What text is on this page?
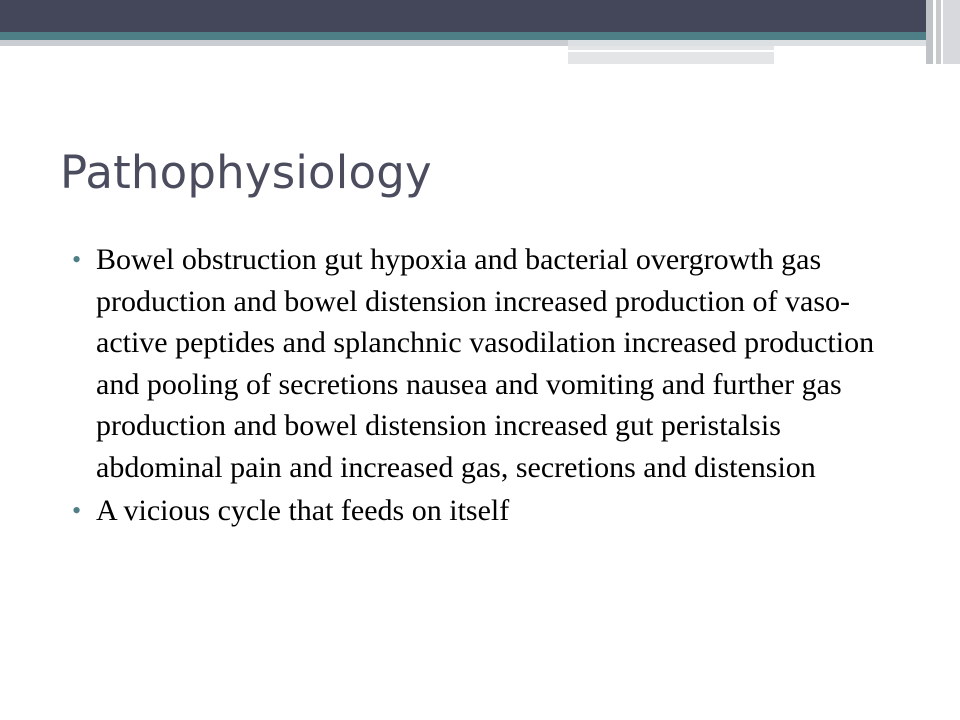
Pathophysiology
• Bowel obstruction gut hypoxia and bacterial overgrowth gas production and bowel distension increased production of vaso-active peptides and splanchnic vasodilation increased production and pooling of secretions nausea and vomiting and further gas production and bowel distension increased gut peristalsis abdominal pain and increased gas, secretions and distension
• A vicious cycle that feeds on itself
